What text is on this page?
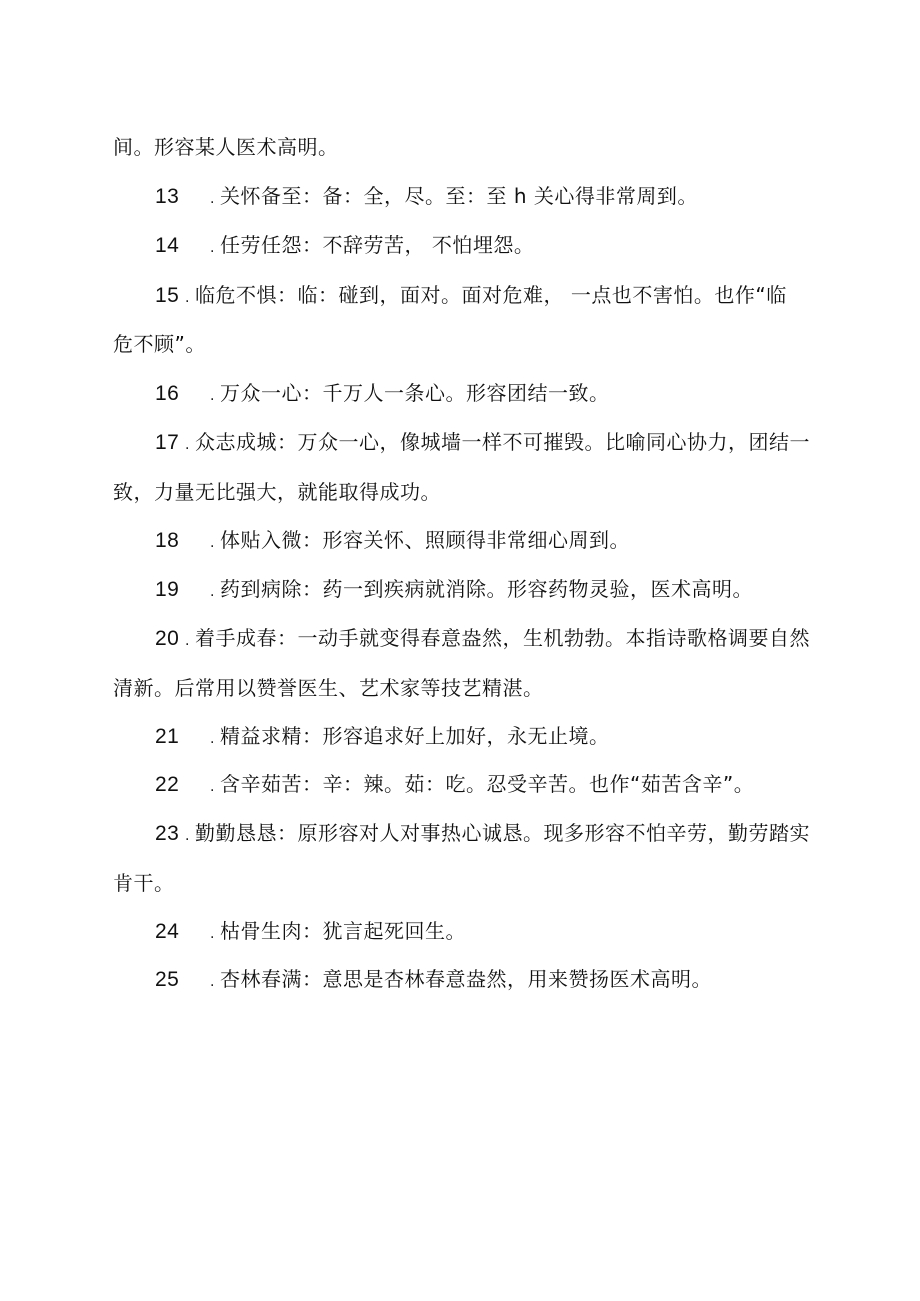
间。形容某人医术高明。
13 . 关怀备至：备：全，尽。至：至 h 关心得非常周到。
14 . 任劳任怨：不辞劳苦， 不怕埋怨。
15 . 临危不惧：临：碰到，面对。面对危难， 一点也不害怕。也作“临
危不顾”。
16 . 万众一心：千万人一条心。形容团结一致。
17 . 众志成城：万众一心，像城墙一样不可摧毁。比喻同心协力，团结一
致，力量无比强大，就能取得成功。
18 . 体贴入微：形容关怀、照顾得非常细心周到。
19 . 药到病除：药一到疾病就消除。形容药物灵验，医术高明。
20 . 着手成春：一动手就变得春意盎然，生机勃勃。本指诗歌格调要自然
清新。后常用以赞誉医生、艺术家等技艺精湛。
21 . 精益求精：形容追求好上加好，永无止境。
22 . 含辛茹苦：辛：辣。茹：吃。忍受辛苦。也作“茹苦含辛”。
23 . 勤勤恳恳：原形容对人对事热心诚恳。现多形容不怕辛劳，勤劳踏实
肯干。
24 . 枯骨生肉：犹言起死回生。
25 . 杏林春满：意思是杏林春意盎然，用来赞扬医术高明。
